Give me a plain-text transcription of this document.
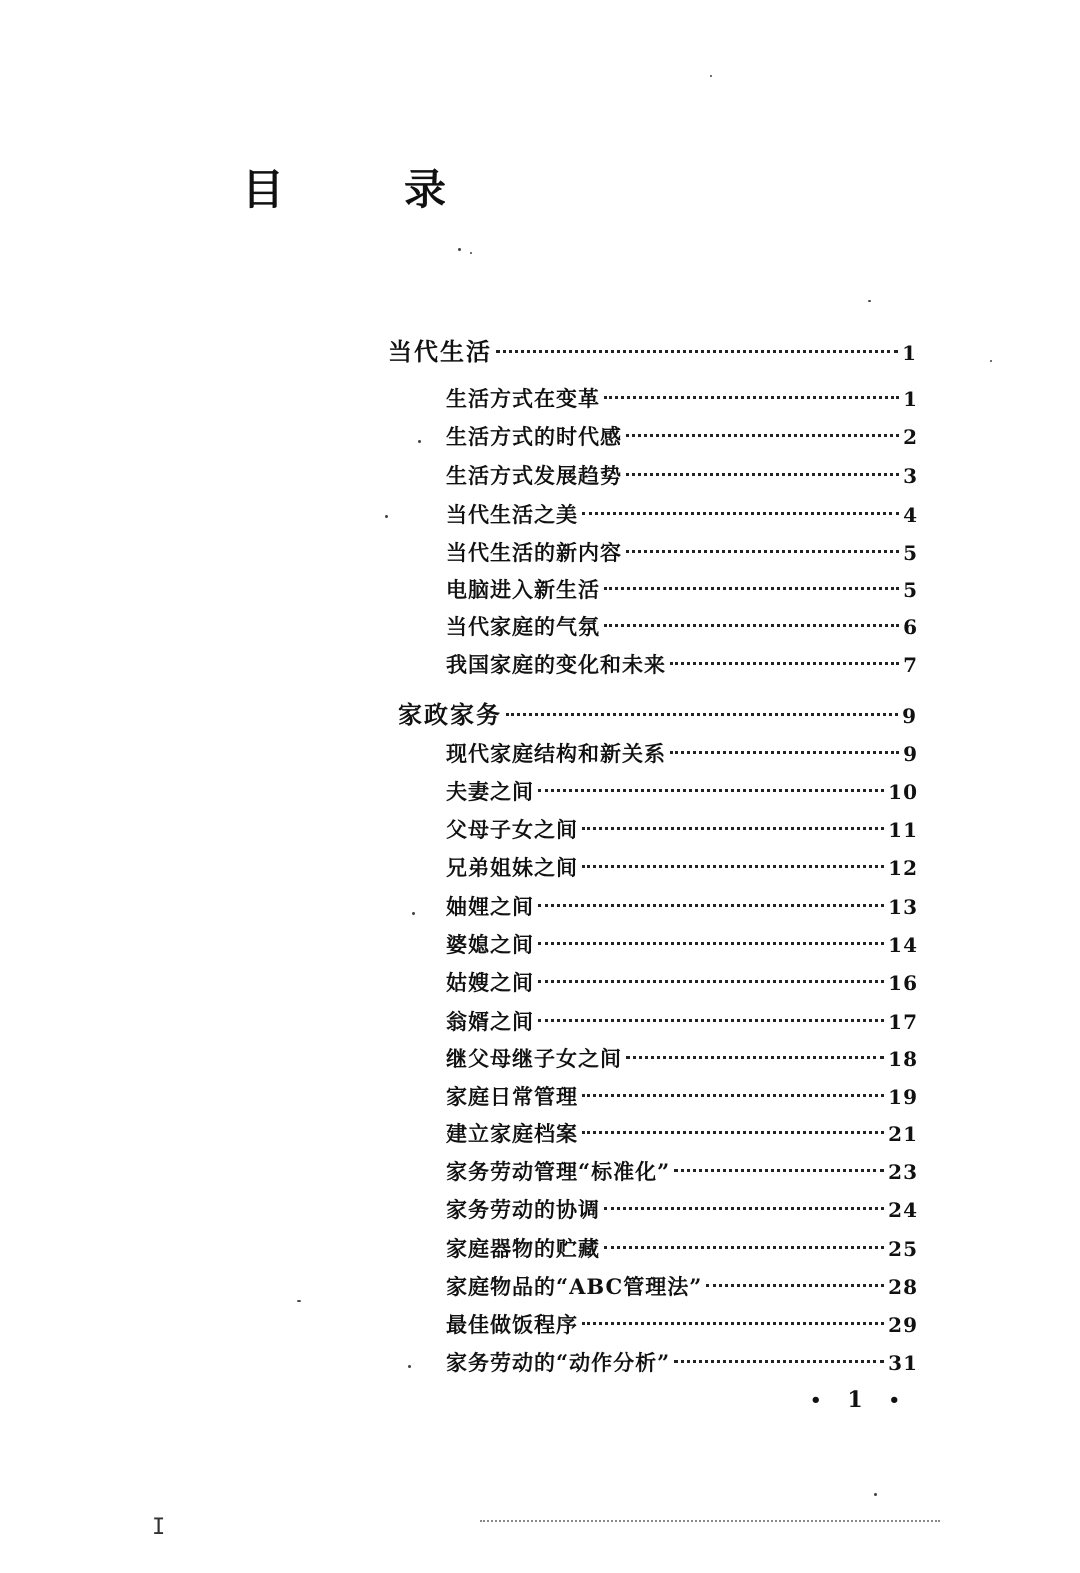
目	录
当代生活	1
生活方式在变革	1
生活方式的时代感	2
生活方式发展趋势	3
当代生活之美	4
当代生活的新内容	5
电脑进入新生活	5
当代家庭的气氛	6
我国家庭的变化和未来	7
家政家务	9
现代家庭结构和新关系	9
夫妻之间	10
父母子女之间	11
兄弟姐妹之间	12
妯娌之间	13
婆媳之间	14
姑嫂之间	16
翁婿之间	17
继父母继子女之间	18
家庭日常管理	19
建立家庭档案	21
家务劳动管理“标准化”	23
家务劳动的协调	24
家庭器物的贮藏	25
家庭物品的“ABC管理法”	28
最佳做饭程序	29
家务劳动的“动作分析”	31
• 1 •
I
